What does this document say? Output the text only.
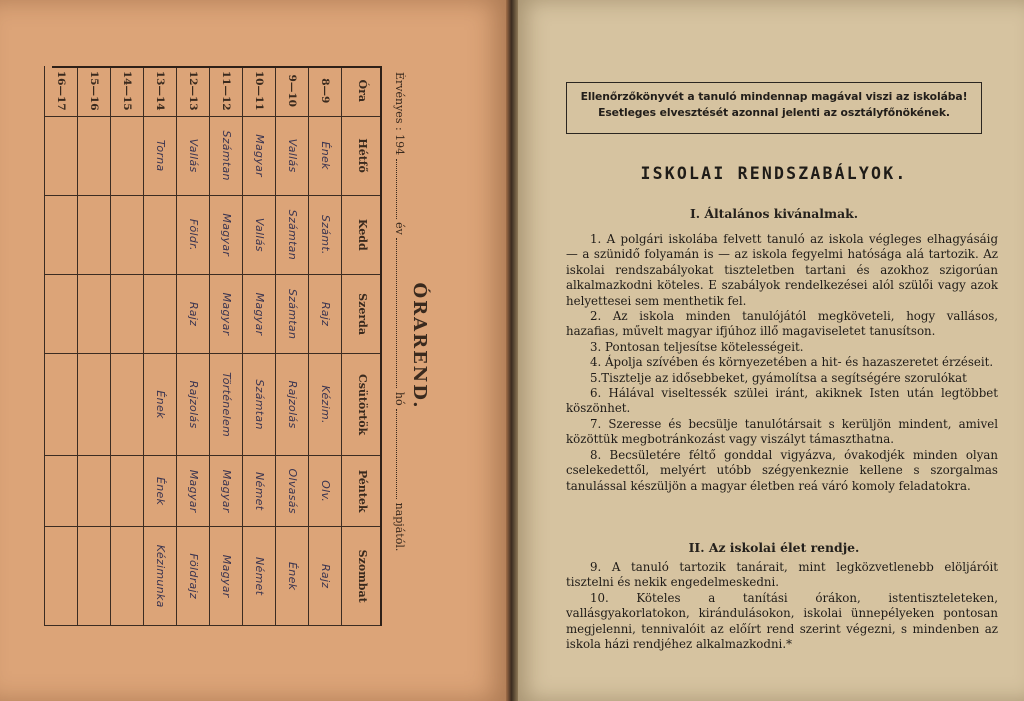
ÓRAREND.
Érvényes : 194  év  hó  napjától.
Óra	Hétfő	Kedd	Szerda	Csütörtök	Péntek	Szombat
8—9	Ének	Számt.	Rajz	Kézim.	Olv.	Rajz
9—10	Vallás	Számtan	Számtan	Rajzolás	Olvasás	Ének
10—11	Magyar	Vallás	Magyar	Számtan	Német	Német
11—12	Számtan	Magyar	Magyar	Történelem	Magyar	Magyar
12—13	Vallás	Földr.	Rajz	Rajzolás	Magyar	Földrajz
13—14	Torna			Ének	Ének	Kézimunka
14—15						
15—16						
16—17							Ellenőrzőkönyvét a tanuló mindennap magával viszi az iskolába!
Esetleges elvesztését azonnal jelenti az osztályfőnökének.
ISKOLAI RENDSZABÁLYOK.
I. Általános kivánalmak.

1. A polgári iskolába felvett tanuló az iskola végleges elhagyásáig — a szünidő folyamán is — az iskola fegyelmi hatósága alá tartozik. Az iskolai rendszabályokat tiszteletben tartani és azokhoz szigorúan alkalmazkodni köteles. E szabályok rendelkezései alól szülői vagy azok helyettesei sem menthetik fel.

2. Az iskola minden tanulójától megköveteli, hogy vallásos, hazafias, művelt magyar ifjúhoz illő magaviseletet tanusítson.

3. Pontosan teljesítse kötelességeit.

4. Ápolja szívében és környezetében a hit- és hazaszeretet érzéseit.

5.Tisztelje az idősebbeket, gyámolítsa a segítségére szorulókat

6. Hálával viseltessék szülei iránt, akiknek Isten után legtöbbet köszönhet.

7. Szeresse és becsülje tanulótársait s kerüljön mindent, amivel közöttük megbotránkozást vagy viszályt támaszthatna.

8. Becsületére féltő gonddal vigyázva, óvakodjék minden olyan cselekedettől, melyért utóbb szégyenkeznie kellene s szorgalmas tanulással készüljön a magyar életben reá váró komoly feladatokra.

II. Az iskolai élet rendje.

9. A tanuló tartozik tanárait, mint legközvetlenebb elöljáróit tisztelni és nekik engedelmeskedni.

10. Köteles a tanítási órákon, istentiszteleteken, vallásgyakorlatokon, kirándulásokon, iskolai ünnepélyeken pontosan megjelenni, tennivalóit az előírt rend szerint végezni, s mindenben az iskola házi rendjéhez alkalmazkodni.*
